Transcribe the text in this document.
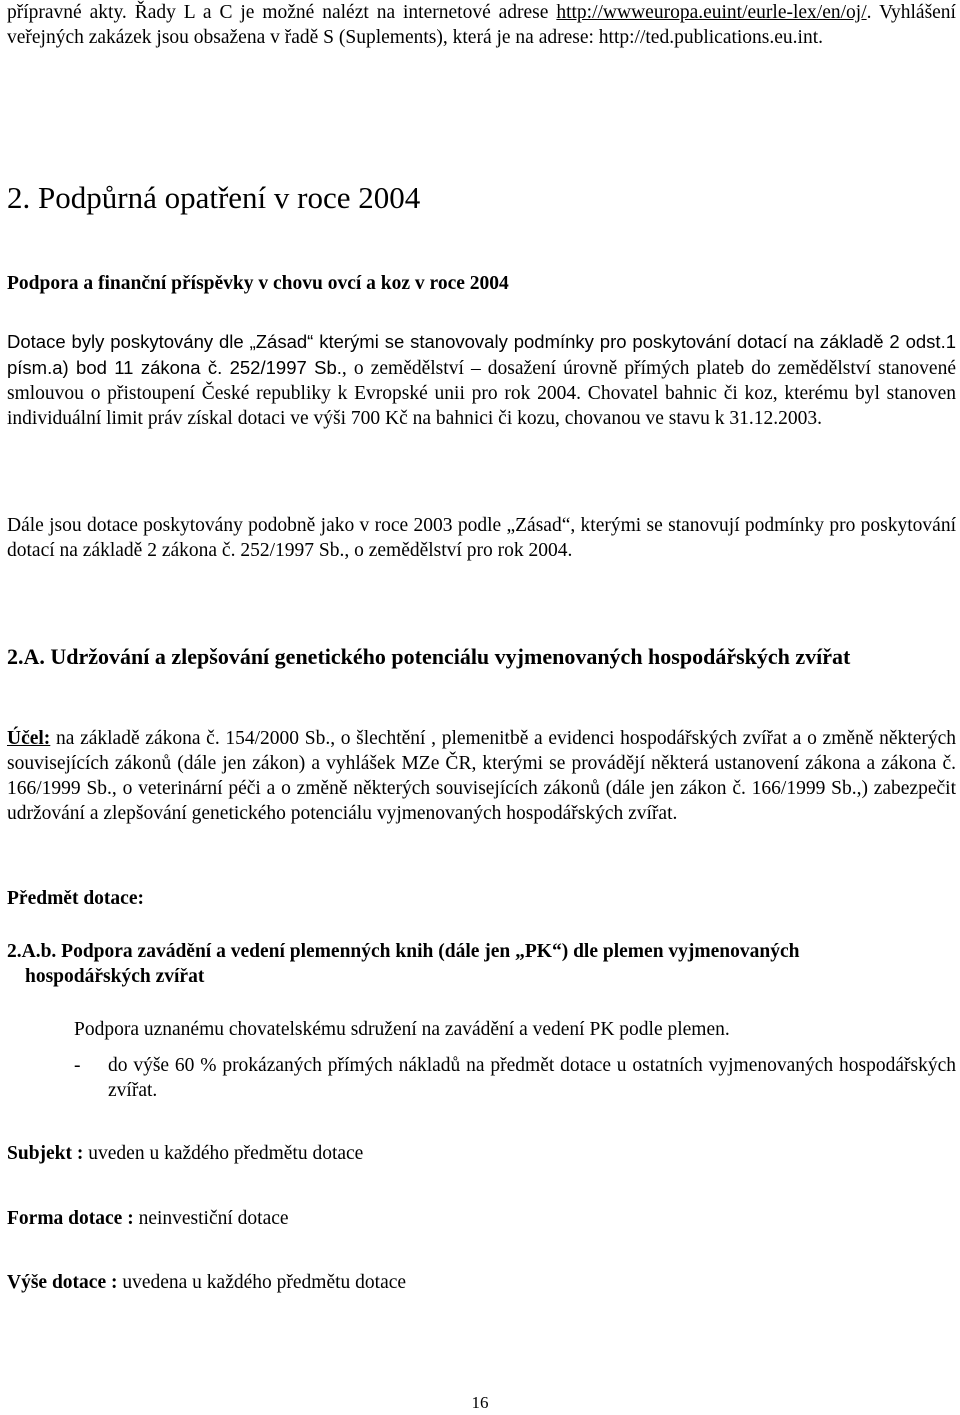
přípravné akty. Řady L a C je možné nalézt na internetové adrese http://wwweuropa.euint/eurle-lex/en/oj/. Vyhlášení veřejných zakázek jsou obsažena v řadě S (Suplements), která je na adrese: http://ted.publications.eu.int.

2. Podpůrná opatření v roce 2004
Podpora a finanční příspěvky v chovu ovcí a koz v roce 2004

Dotace byly poskytovány dle „Zásad“ kterými se stanovovaly podmínky pro poskytování dotací na základě 2 odst.1 písm.a) bod 11 zákona č. 252/1997 Sb., o zemědělství – dosažení úrovně přímých plateb do zemědělství stanovené smlouvou o přistoupení České republiky k Evropské unii pro rok 2004. Chovatel bahnic či koz, kterému byl stanoven individuální limit práv získal dotaci ve výši 700 Kč na bahnici či kozu, chovanou ve stavu k 31.12.2003.

Dále jsou dotace poskytovány podobně jako v roce 2003 podle „Zásad“, kterými se stanovují podmínky pro poskytování dotací na základě 2 zákona č. 252/1997 Sb., o zemědělství pro rok 2004.

2.A. Udržování a zlepšování genetického potenciálu vyjmenovaných hospodářských zvířat

Účel: na základě zákona č. 154/2000 Sb., o šlechtění , plemenitbě a evidenci hospodářských zvířat a o změně některých souvisejících zákonů (dále jen zákon) a vyhlášek MZe ČR, kterými se provádějí některá ustanovení zákona a zákona č. 166/1999 Sb., o veterinární péči a o změně některých souvisejících zákonů (dále jen zákon č. 166/1999 Sb.,) zabezpečit udržování a zlepšování genetického potenciálu vyjmenovaných hospodářských zvířat.

Předmět dotace:
2.A.b. Podpora zavádění a vedení plemenných knih (dále jen „PK“) dle plemen vyjmenovaných
hospodářských zvířat

Podpora uznanému chovatelskému sdružení na zavádění a vedení PK podle plemen.

- do výše 60 % prokázaných přímých nákladů na předmět dotace u ostatních vyjmenovaných hospodářských zvířat.

Subjekt : uveden u každého předmětu dotace

Forma dotace : neinvestiční dotace

Výše dotace : uvedena u každého předmětu dotace

16
